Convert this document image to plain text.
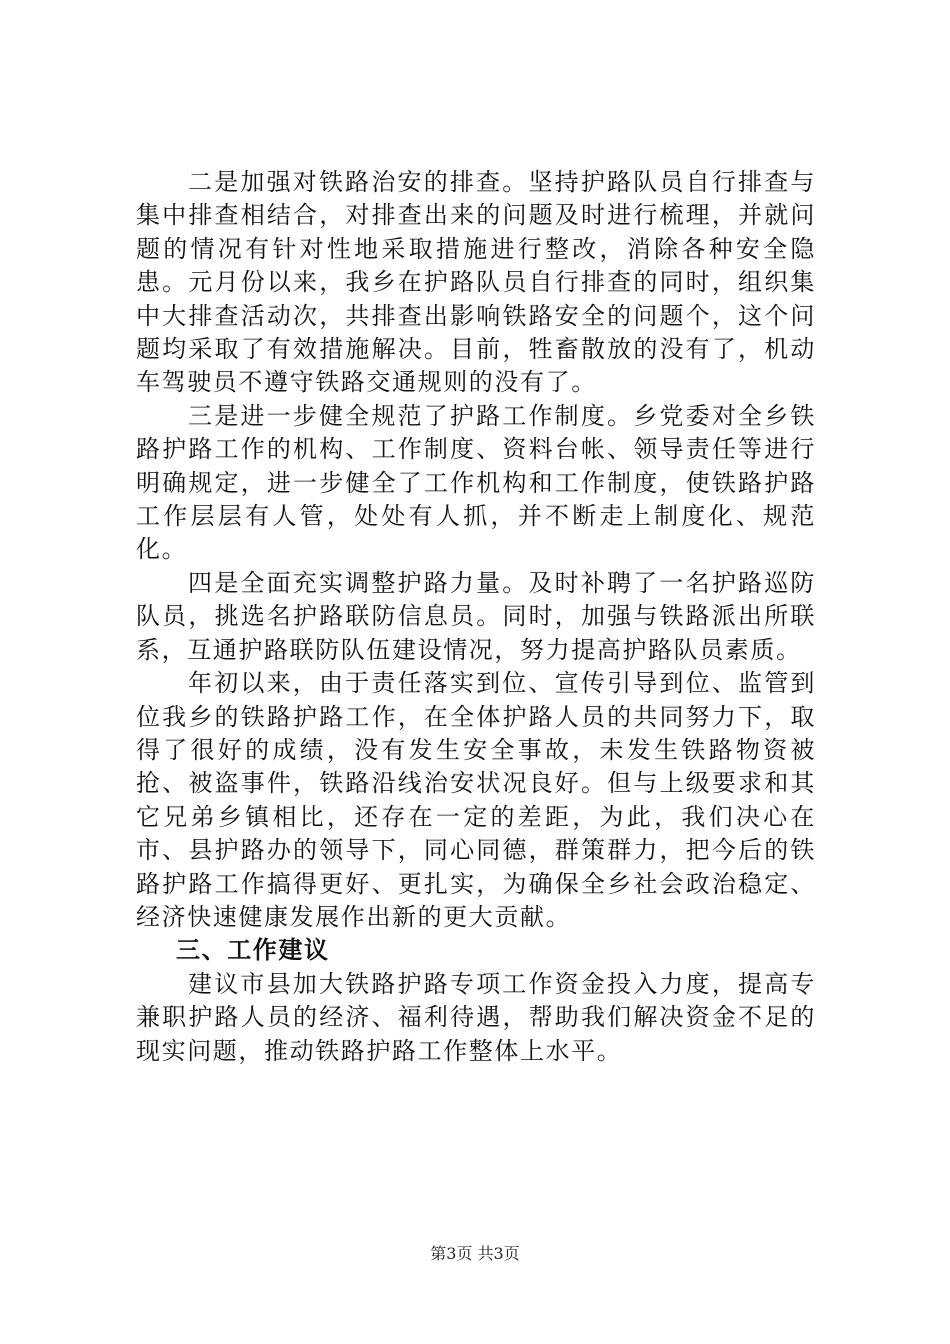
二是加强对铁路治安的排查。坚持护路队员自行排查与集中排查相结合，对排查出来的问题及时进行梳理，并就问题的情况有针对性地采取措施进行整改，消除各种安全隐患。元月份以来，我乡在护路队员自行排查的同时，组织集中大排查活动次，共排查出影响铁路安全的问题个，这个问题均采取了有效措施解决。目前，牲畜散放的没有了，机动车驾驶员不遵守铁路交通规则的没有了。

三是进一步健全规范了护路工作制度。乡党委对全乡铁路护路工作的机构、工作制度、资料台帐、领导责任等进行明确规定，进一步健全了工作机构和工作制度，使铁路护路工作层层有人管，处处有人抓，并不断走上制度化、规范化。

四是全面充实调整护路力量。及时补聘了一名护路巡防队员，挑选名护路联防信息员。同时，加强与铁路派出所联系，互通护路联防队伍建设情况，努力提高护路队员素质。

年初以来，由于责任落实到位、宣传引导到位、监管到位我乡的铁路护路工作，在全体护路人员的共同努力下，取得了很好的成绩，没有发生安全事故，未发生铁路物资被抢、被盗事件，铁路沿线治安状况良好。但与上级要求和其它兄弟乡镇相比，还存在一定的差距，为此，我们决心在市、县护路办的领导下，同心同德，群策群力，把今后的铁路护路工作搞得更好、更扎实，为确保全乡社会政治稳定、经济快速健康发展作出新的更大贡献。

三、工作建议

建议市县加大铁路护路专项工作资金投入力度，提高专兼职护路人员的经济、福利待遇，帮助我们解决资金不足的现实问题，推动铁路护路工作整体上水平。

第3页 共3页
